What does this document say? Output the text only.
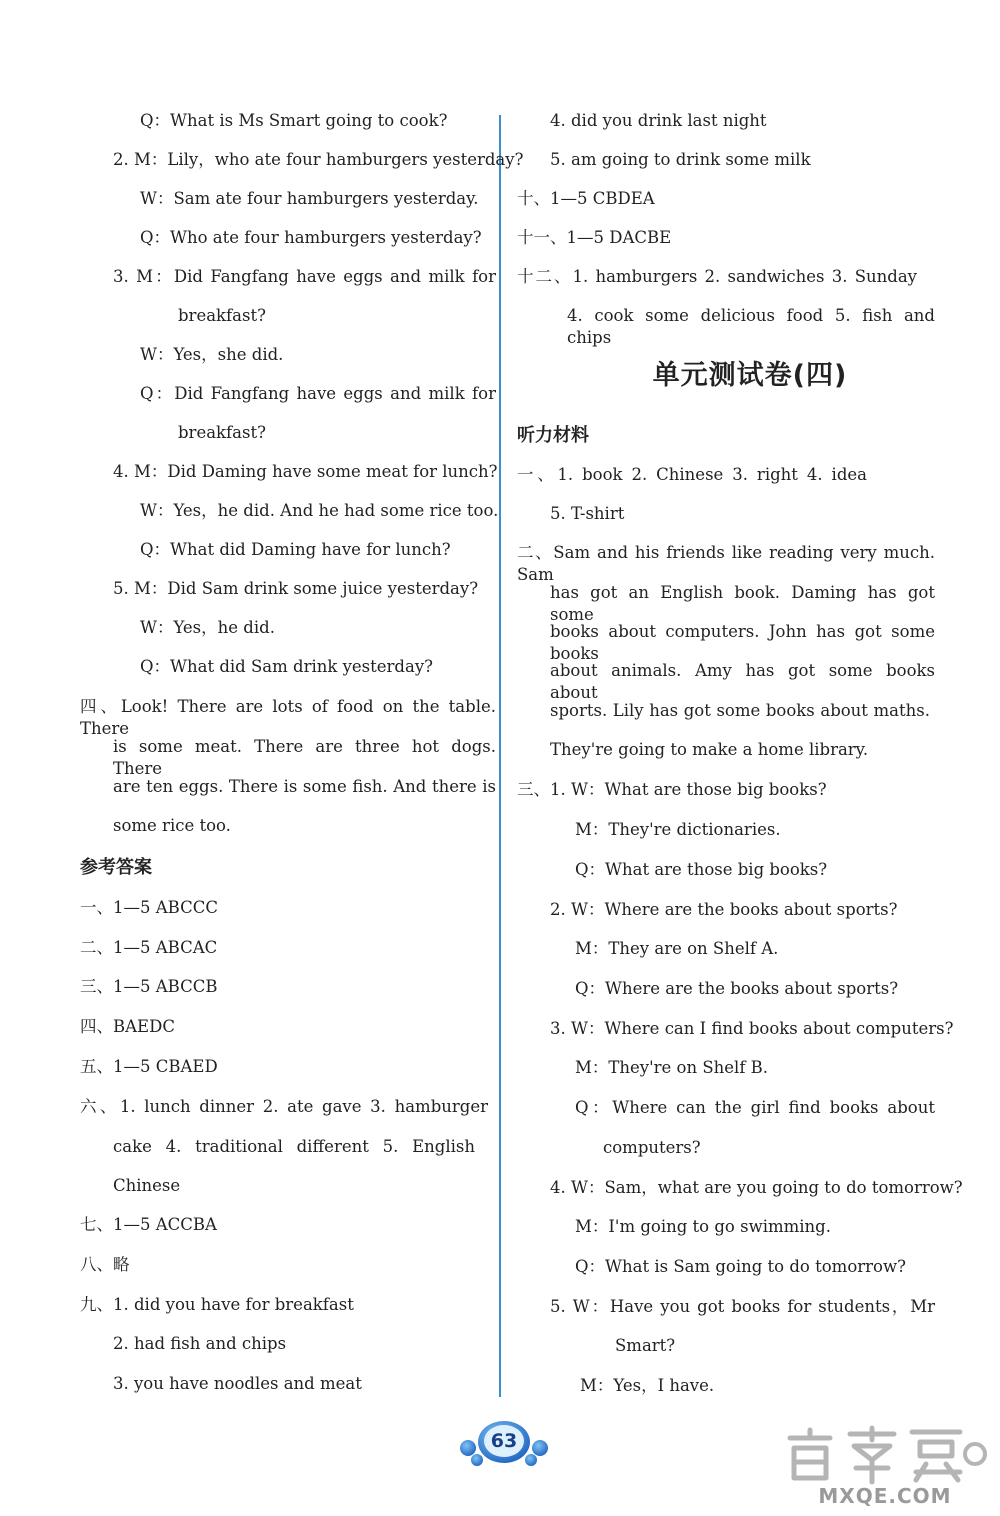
Q：What is Ms Smart going to cook?
2. M：Lily，who ate four hamburgers yesterday?
W：Sam ate four hamburgers yesterday.
Q：Who ate four hamburgers yesterday?
3. M：Did Fangfang have eggs and milk for
breakfast?
W：Yes，she did.
Q：Did Fangfang have eggs and milk for
breakfast?
4. M：Did Daming have some meat for lunch?
W：Yes，he did. And he had some rice too.
Q：What did Daming have for lunch?
5. M：Did Sam drink some juice yesterday?
W：Yes，he did.
Q：What did Sam drink yesterday?
四、Look! There are lots of food on the table. There
is some meat. There are three hot dogs. There
are ten eggs. There is some fish. And there is
some rice too.
参考答案
一、1—5 ABCCC
二、1—5 ABCAC
三、1—5 ABCCB
四、BAEDC
五、1—5 CBAED
六、1. lunch dinner 2. ate gave 3. hamburger
cake 4. traditional different 5. English
Chinese
七、1—5 ACCBA
八、略
九、1. did you have for breakfast
2. had fish and chips
3. you have noodles and meat
4. did you drink last night
5. am going to drink some milk
十、1—5 CBDEA
十一、1—5 DACBE
十二、1. hamburgers 2. sandwiches 3. Sunday
4. cook some delicious food 5. fish and chips
单元测试卷(四)
听力材料
一、1. book 2. Chinese 3. right 4. idea
5. T-shirt
二、Sam and his friends like reading very much. Sam
has got an English book. Daming has got some
books about computers. John has got some books
about animals. Amy has got some books about
sports. Lily has got some books about maths.
They're going to make a home library.
三、1. W：What are those big books?
M：They're dictionaries.
Q：What are those big books?
2. W：Where are the books about sports?
M：They are on Shelf A.
Q：Where are the books about sports?
3. W：Where can I find books about computers?
M：They're on Shelf B.
Q：Where can the girl find books about
computers?
4. W：Sam，what are you going to do tomorrow?
M：I'm going to go swimming.
Q：What is Sam going to do tomorrow?
5. W：Have you got books for students，Mr
Smart?
M：Yes，I have.
63
MXQE.COM
